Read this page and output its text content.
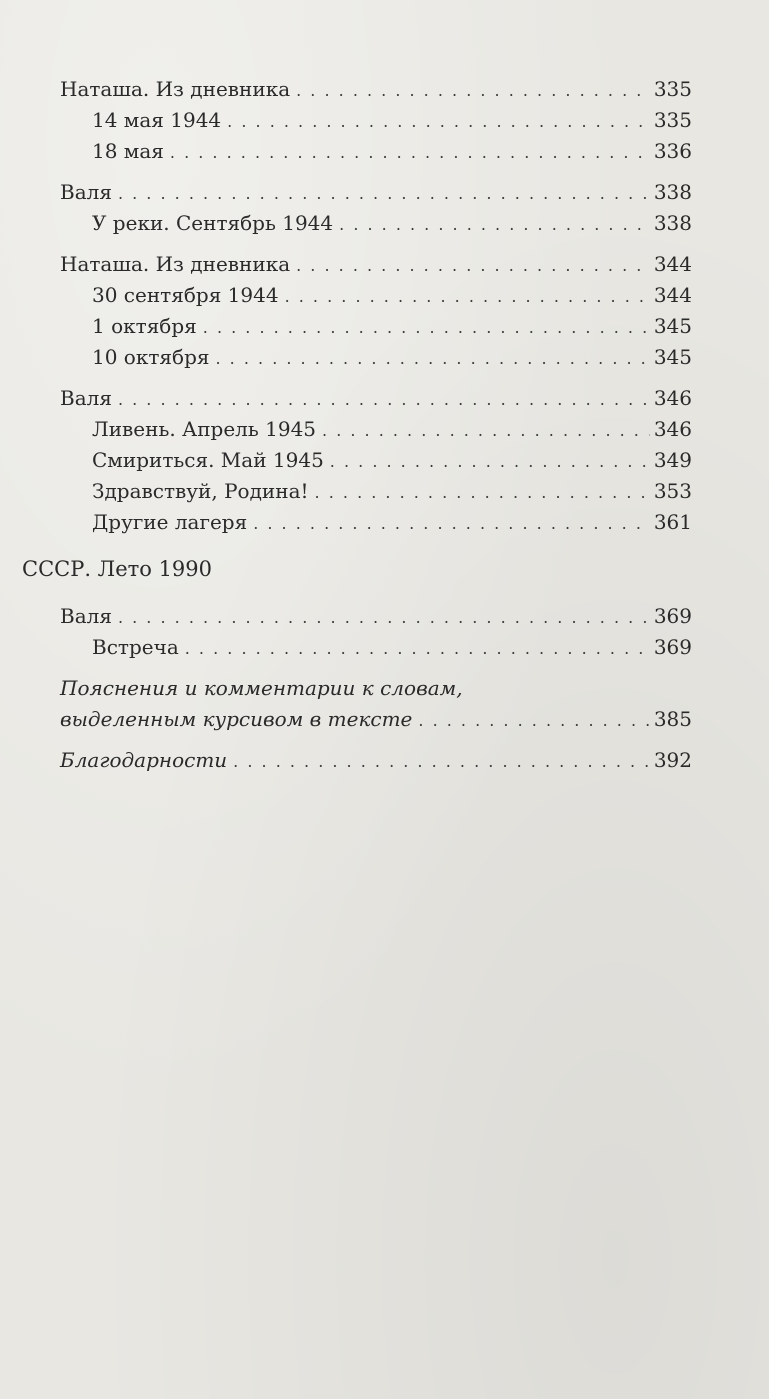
Наташа. Из дневника . . .	335
14 мая 1944 . . .	335
18 мая . . .	336
Валя . . .	338
У реки. Сентябрь 1944 . . .	338
Наташа. Из дневника . . .	344
30 сентября 1944 . . .	344
1 октября . . .	345
10 октября . . .	345
Валя . . .	346
Ливень. Апрель 1945 . . .	346
Смириться. Май 1945 . . .	349
Здравствуй, Родина! . . .	353
Другие лагеря . . .	361
СССР. Лето 1990
Валя . . .	369
Встреча . . .	369
Пояснения и комментарии к словам,
выделенным курсивом в тексте . . .	385
Благодарности . . .	392
